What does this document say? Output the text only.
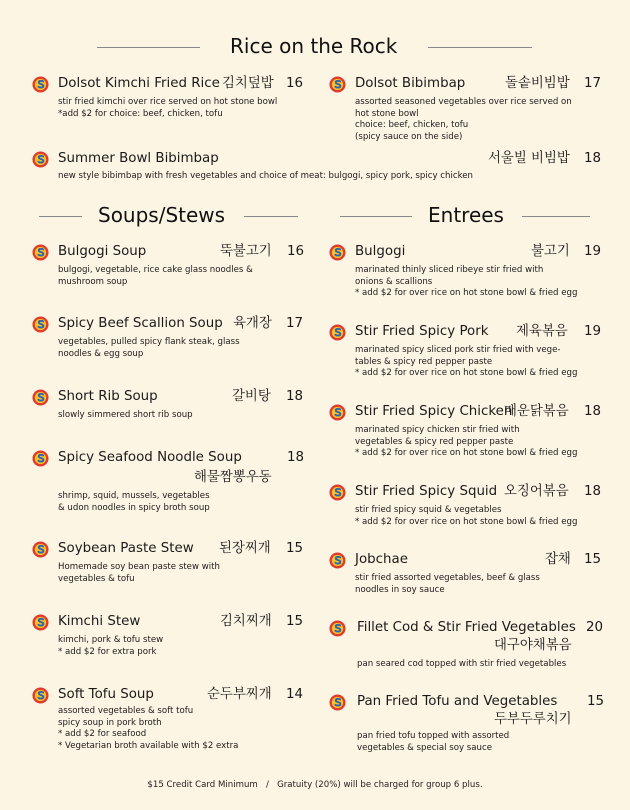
Rice on the Rock
Soups/Stews	Entrees
Dolsot Kimchi Fried Rice 김치덮밥 16
stir fried kimchi over rice served on hot stone bowl
*add $2 for choice: beef, chicken, tofu
Dolsot Bibimbap	돌솥비빔밥 17
assorted seasoned vegetables over rice served on
hot stone bowl
choice: beef, chicken, tofu
(spicy sauce on the side)
Summer Bowl Bibimbap	서울빌 비빔밥 18
new style bibimbap with fresh vegetables and choice of meat: bulgogi, spicy pork, spicy chicken
Bulgogi Soup	뚝불고기 16
bulgogi, vegetable, rice cake glass noodles &
mushroom soup
Spicy Beef Scallion Soup 육개장 17
vegetables, pulled spicy flank steak, glass
noodles & egg soup
Short Rib Soup	갈비탕 18
slowly simmered short rib soup
Spicy Seafood Noodle Soup	18
해물짬뽕우동
shrimp, squid, mussels, vegetables
& udon noodles in spicy broth soup
Soybean Paste Stew 된장찌개 15
Homemade soy bean paste stew with
vegetables & tofu
Kimchi Stew	김치찌개 15
kimchi, pork & tofu stew
* add $2 for extra pork
Soft Tofu Soup	순두부찌개 14
assorted vegetables & soft tofu
spicy soup in pork broth
* add $2 for seafood
* Vegetarian broth available with $2 extra
Bulgogi	불고기 19
marinated thinly sliced ribeye stir fried with
onions & scallions
* add $2 for over rice on hot stone bowl & fried egg
Stir Fried Spicy Pork 제육볶음 19
marinated spicy sliced pork stir fried with vege-
tables & spicy red pepper paste
* add $2 for over rice on hot stone bowl & fried egg
Stir Fried Spicy Chicken
매운닭볶음 18
marinated spicy chicken stir fried with
vegetables & spicy red pepper paste
* add $2 for over rice on hot stone bowl & fried egg
Stir Fried Spicy Squid 오징어볶음 18
stir fried spicy squid & vegetables
* add $2 for over rice on hot stone bowl & fried egg
Jobchae	잡채 15
stir fried assorted vegetables, beef & glass
noodles in soy sauce
Fillet Cod & Stir Fried Vegetables 20
대구야채볶음
pan seared cod topped with stir fried vegetables
Pan Fried Tofu and Vegetables 15
두부두루치기
pan fried tofu topped with assorted
vegetables & special soy sauce
$15 Credit Card Minimum   /   Gratuity (20%) will be charged for group 6 plus.
